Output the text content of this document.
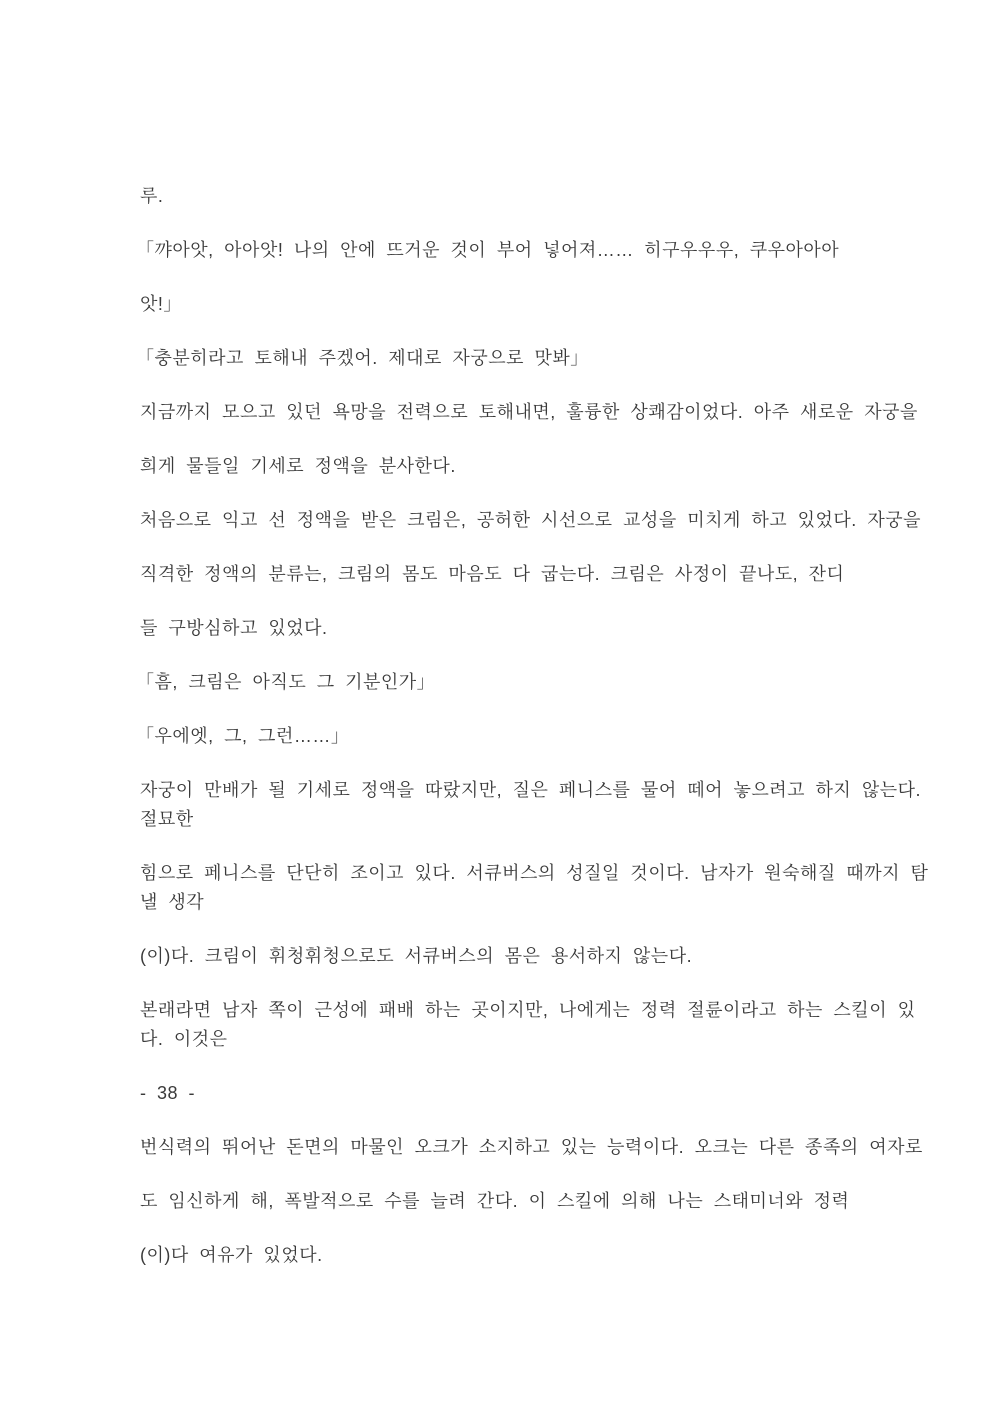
루.

「꺄아앗, 아아앗! 나의 안에 뜨거운 것이 부어 넣어져…… 히구우우우, 쿠우아아아

앗!」

「충분히라고 토해내 주겠어. 제대로 자궁으로 맛봐」

지금까지 모으고 있던 욕망을 전력으로 토해내면, 훌륭한 상쾌감이었다. 아주 새로운 자궁을

희게 물들일 기세로 정액을 분사한다.

처음으로 익고 선 정액을 받은 크림은, 공허한 시선으로 교성을 미치게 하고 있었다. 자궁을

직격한 정액의 분류는, 크림의 몸도 마음도 다 굽는다. 크림은 사정이 끝나도, 잔디

들 구방심하고 있었다.

「흠, 크림은 아직도 그 기분인가」

「우에엣, 그, 그런……」

자궁이 만배가 될 기세로 정액을 따랐지만, 질은 페니스를 물어 떼어 놓으려고 하지 않는다.

절묘한

힘으로 페니스를 단단히 조이고 있다. 서큐버스의 성질일 것이다. 남자가 원숙해질 때까지 탐

낼 생각

(이)다. 크림이 휘청휘청으로도 서큐버스의 몸은 용서하지 않는다.

본래라면 남자 쪽이 근성에 패배 하는 곳이지만, 나에게는 정력 절륜이라고 하는 스킬이 있

다. 이것은

- 38 -

번식력의 뛰어난 돈면의 마물인 오크가 소지하고 있는 능력이다. 오크는 다른 종족의 여자로

도 임신하게 해, 폭발적으로 수를 늘려 간다. 이 스킬에 의해 나는 스태미너와 정력

(이)다 여유가 있었다.
